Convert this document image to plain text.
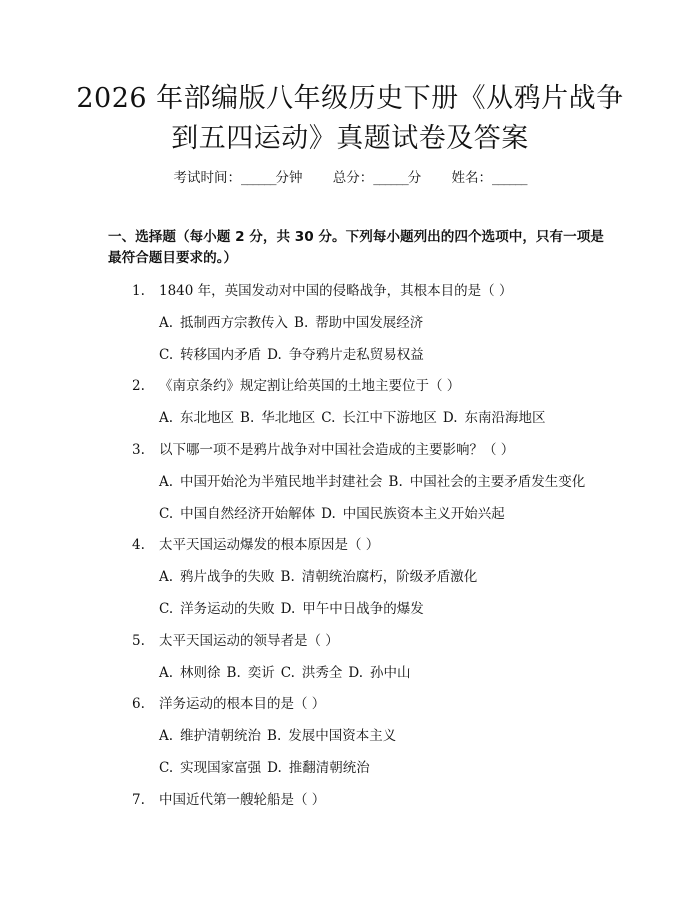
2026 年部编版八年级历史下册《从鸦片战争
到五四运动》真题试卷及答案
考试时间：______分钟 总分：______分 姓名：______
一、选择题（每小题 2 分，共 30 分。下列每小题列出的四个选项中，只有一项是
最符合题目要求的。）
1.	1840 年，英国发动对中国的侵略战争，其根本目的是（ ）
A. 抵制西方宗教传入 B. 帮助中国发展经济
C. 转移国内矛盾 D. 争夺鸦片走私贸易权益
2.	《南京条约》规定割让给英国的土地主要位于（ ）
A. 东北地区 B. 华北地区 C. 长江中下游地区 D. 东南沿海地区
3.	以下哪一项不是鸦片战争对中国社会造成的主要影响？（ ）
A. 中国开始沦为半殖民地半封建社会 B. 中国社会的主要矛盾发生变化
C. 中国自然经济开始解体 D. 中国民族资本主义开始兴起
4.	太平天国运动爆发的根本原因是（ ）
A. 鸦片战争的失败 B. 清朝统治腐朽，阶级矛盾激化
C. 洋务运动的失败 D. 甲午中日战争的爆发
5.	太平天国运动的领导者是（ ）
A. 林则徐 B. 奕䜣 C. 洪秀全 D. 孙中山
6.	洋务运动的根本目的是（ ）
A. 维护清朝统治 B. 发展中国资本主义
C. 实现国家富强 D. 推翻清朝统治
7.	中国近代第一艘轮船是（ ）
